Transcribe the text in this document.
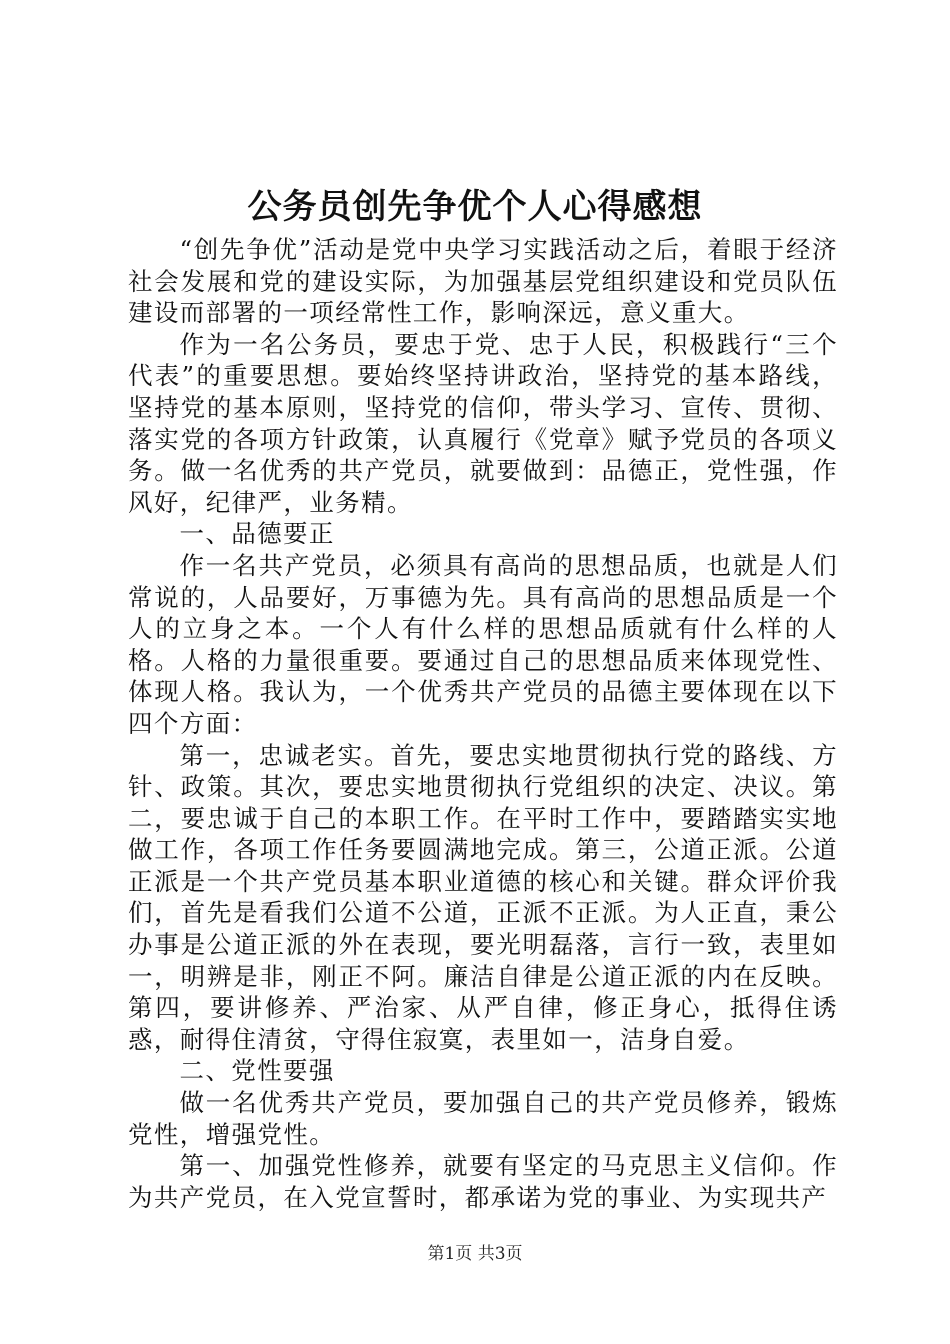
公务员创先争优个人心得感想

“创先争优”活动是党中央学习实践活动之后，着眼于经济社会发展和党的建设实际，为加强基层党组织建设和党员队伍建设而部署的一项经常性工作，影响深远，意义重大。

作为一名公务员，要忠于党、忠于人民，积极践行“三个代表”的重要思想。要始终坚持讲政治，坚持党的基本路线，坚持党的基本原则，坚持党的信仰，带头学习、宣传、贯彻、落实党的各项方针政策，认真履行《党章》赋予党员的各项义务。做一名优秀的共产党员，就要做到：品德正，党性强，作风好，纪律严，业务精。

一、品德要正

作一名共产党员，必须具有高尚的思想品质，也就是人们常说的，人品要好，万事德为先。具有高尚的思想品质是一个人的立身之本。一个人有什么样的思想品质就有什么样的人格。人格的力量很重要。要通过自己的思想品质来体现党性、体现人格。我认为，一个优秀共产党员的品德主要体现在以下四个方面：

第一，忠诚老实。首先，要忠实地贯彻执行党的路线、方针、政策。其次，要忠实地贯彻执行党组织的决定、决议。第二，要忠诚于自己的本职工作。在平时工作中，要踏踏实实地做工作，各项工作任务要圆满地完成。第三，公道正派。公道正派是一个共产党员基本职业道德的核心和关键。群众评价我们，首先是看我们公道不公道，正派不正派。为人正直，秉公办事是公道正派的外在表现，要光明磊落，言行一致，表里如一，明辨是非，刚正不阿。廉洁自律是公道正派的内在反映。第四，要讲修养、严治家、从严自律，修正身心，抵得住诱惑，耐得住清贫，守得住寂寞，表里如一，洁身自爱。

二、党性要强

做一名优秀共产党员，要加强自己的共产党员修养，锻炼党性，增强党性。

第一、加强党性修养，就要有坚定的马克思主义信仰。作为共产党员，在入党宣誓时，都承诺为党的事业、为实现共产

第1页 共3页
